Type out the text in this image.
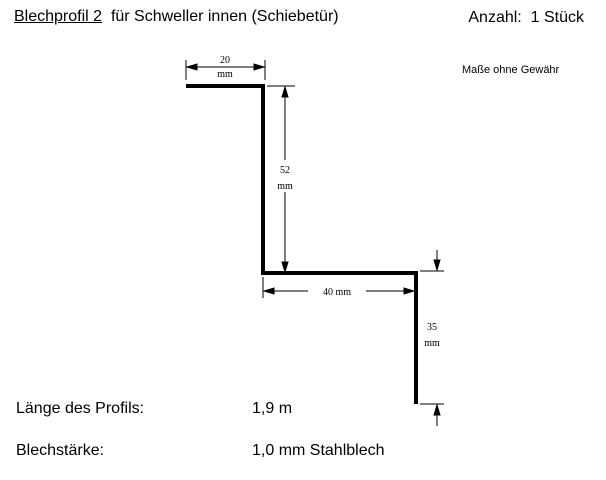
Blechprofil 2 für Schweller innen (Schiebetür)	Anzahl: 1 Stück
Maße ohne Gewähr
20
mm
52
mm
40 mm
35
mm
Länge des Profils:	1,9 m
Blechstärke:	1,0 mm Stahlblech
